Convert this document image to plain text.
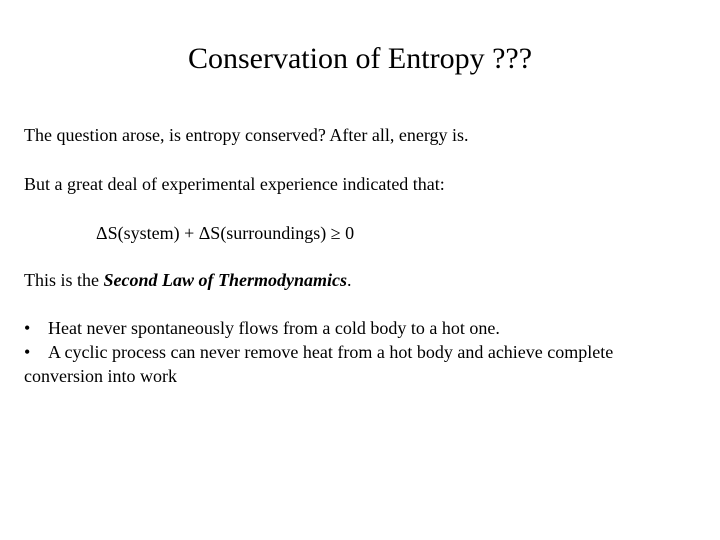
Conservation of Entropy ???
The question arose, is entropy conserved? After all, energy is.
But a great deal of experimental experience indicated that:
ΔS(system) + ΔS(surroundings) ≥ 0
This is the Second Law of Thermodynamics.

• Heat never spontaneously flows from a cold body to a hot one.

• A cyclic process can never remove heat from a hot body and achieve complete conversion into work
